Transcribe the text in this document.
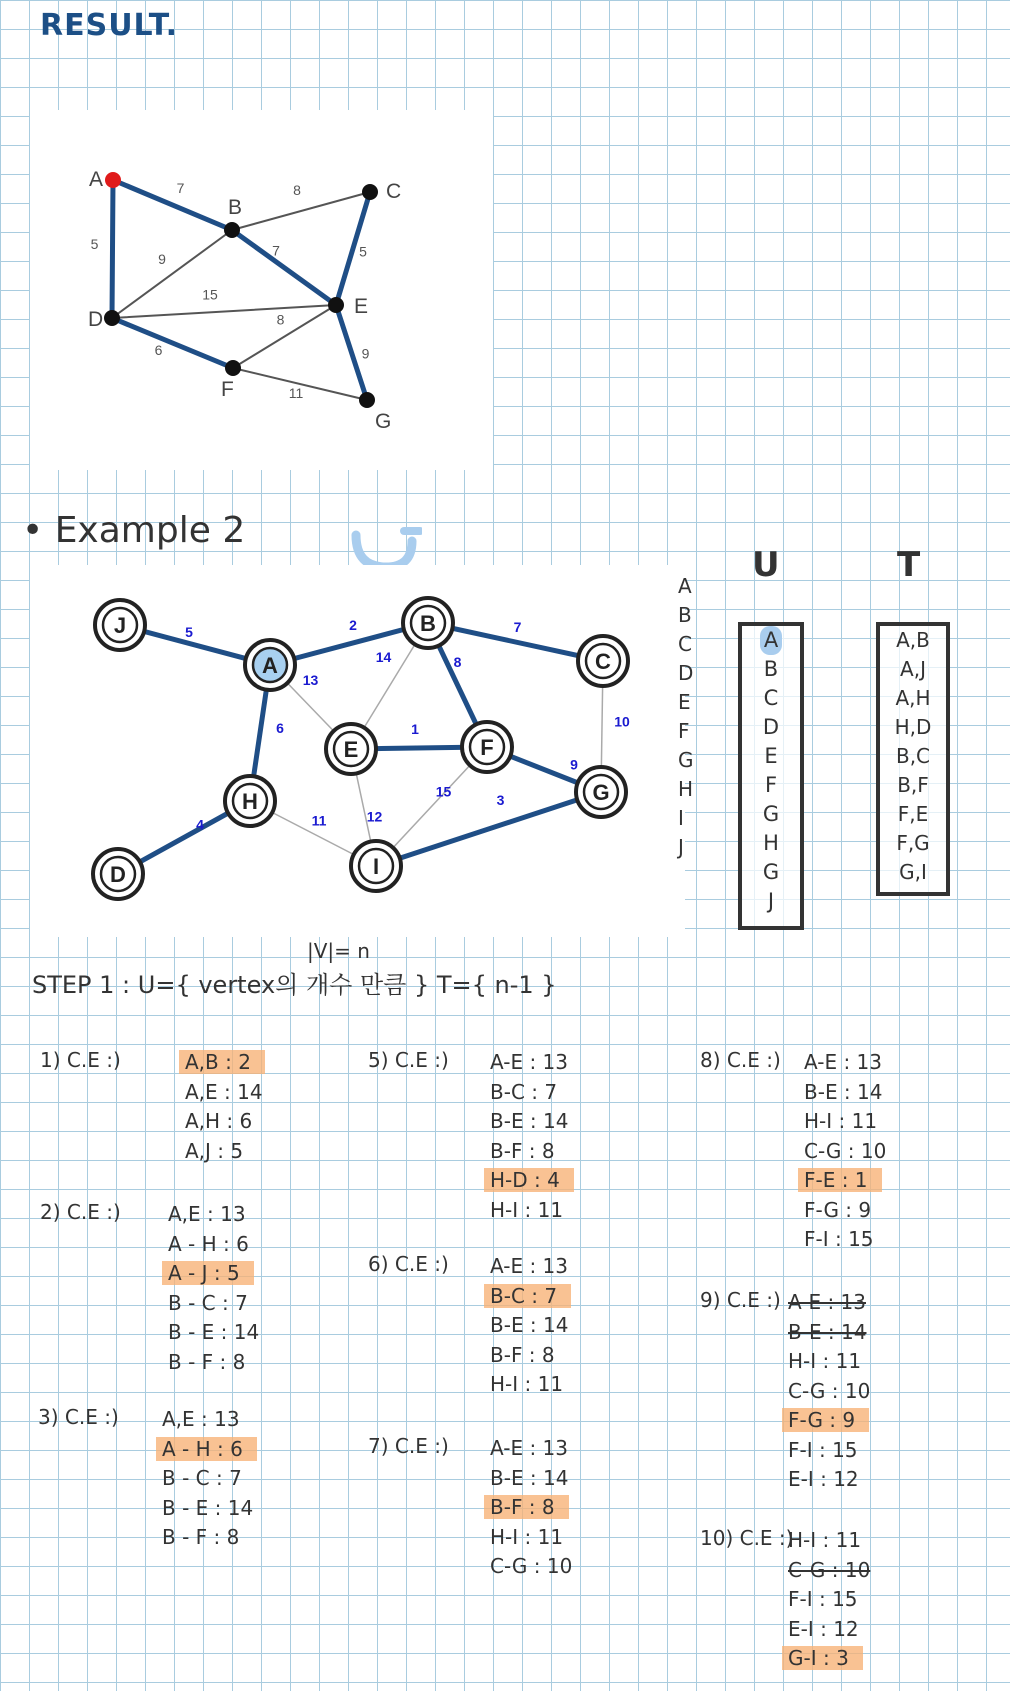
RESULT.
7
5
8
9
7	5
15
6
8
9
11
A
B
C
D
E
F
G
• Example 2
5	2	7
13
14	8
10
6	1
9
12
15
11
4
3
J
A
B
C
E	F
G
H
D	I
A
B
C
D
E
F
G
H
I
J
U
A
B
C
D
E
F
G
H
G
J
T
A,B
A,J
A,H
H,D
B,C
B,F
F,E
F,G
G,I
|V|= n
STEP 1 : U={ vertex의 개수 만큼 } T={ n-1 }
1) C.E :)	A,B : 2
A,E : 14
A,H : 6
A,J : 5
2) C.E :) A,E : 13
A - H : 6
A - J : 5
B - C : 7
B - E : 14
B - F : 8
3) C.E :) A,E : 13
A - H : 6
B - C : 7
B - E : 14
B - F : 8
5) C.E :) A-E : 13
B-C : 7
B-E : 14
B-F : 8
H-D : 4
H-I : 11
6) C.E :) A-E : 13
B-C : 7
B-E : 14
B-F : 8
H-I : 11
7) C.E :) A-E : 13
B-E : 14
B-F : 8
H-I : 11
C-G : 10
8) C.E :) A-E : 13
B-E : 14
H-I : 11
C-G : 10
F-E : 1
F-G : 9
F-I : 15
9) C.E :) A-E : 13
B-E : 14
H-I : 11
C-G : 10
F-G : 9
F-I : 15
E-I : 12
10) C.E :)
H-I : 11
C-G : 10
F-I : 15
E-I : 12
G-I : 3
